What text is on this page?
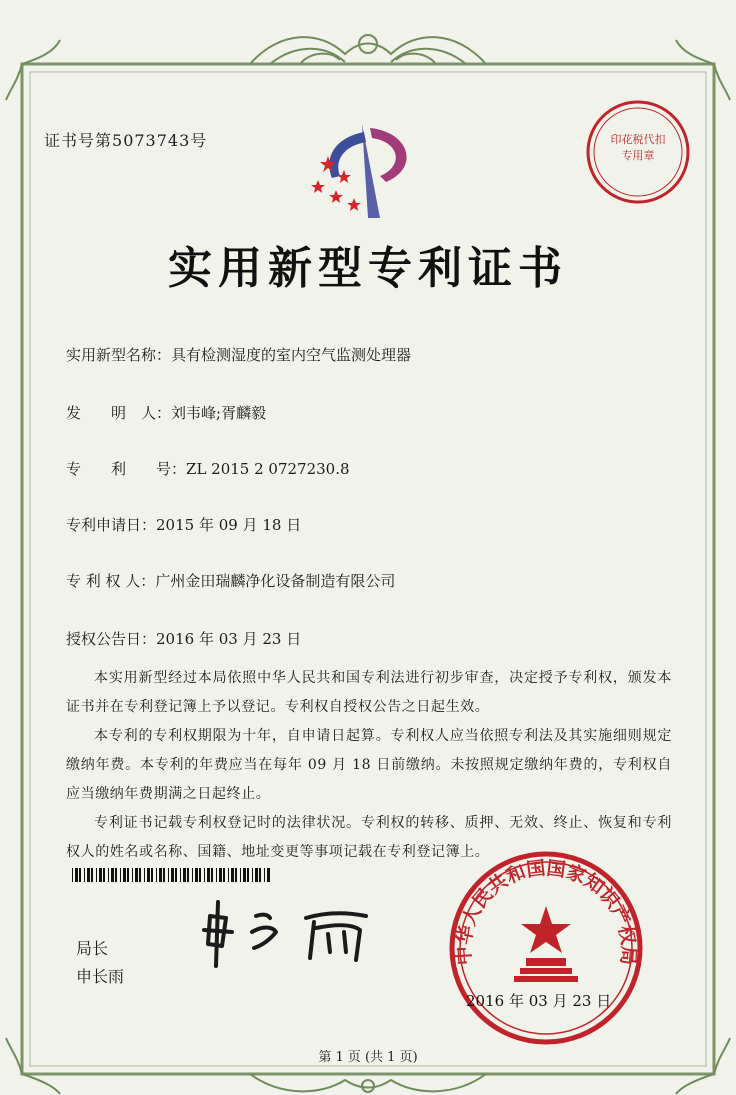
印花税代扣专用章
证书号第5073743号
实用新型专利证书
实用新型名称：具有检测湿度的室内空气监测处理器
发　　明　人：刘韦峰;胥麟毅
专　　利　　号：ZL 2015 2 0727230.8
专利申请日：2015 年 09 月 18 日
专 利 权 人：广州金田瑞麟净化设备制造有限公司
授权公告日：2016 年 03 月 23 日

本实用新型经过本局依照中华人民共和国专利法进行初步审查，决定授予专利权，颁发本证书并在专利登记簿上予以登记。专利权自授权公告之日起生效。

本专利的专利权期限为十年，自申请日起算。专利权人应当依照专利法及其实施细则规定缴纳年费。本专利的年费应当在每年 09 月 18 日前缴纳。未按照规定缴纳年费的，专利权自应当缴纳年费期满之日起终止。

专利证书记载专利权登记时的法律状况。专利权的转移、质押、无效、终止、恢复和专利权人的姓名或名称、国籍、地址变更等事项记载在专利登记簿上。

局长
申长雨
中华人民共和国国家知识产权局
2016 年 03 月 23 日
第 1 页 (共 1 页)
